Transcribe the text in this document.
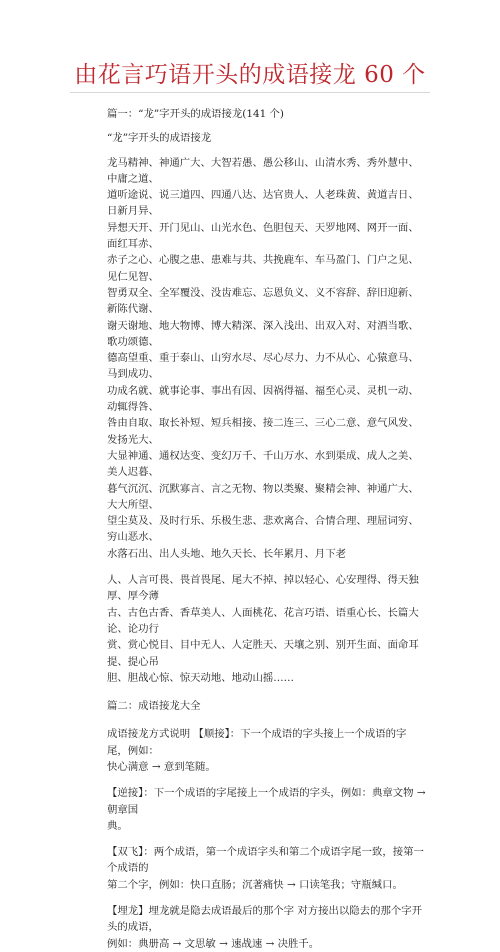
由花言巧语开头的成语接龙 60 个

篇一：“龙”字开头的成语接龙(141 个)

“龙”字开头的成语接龙

龙马精神、神通广大、大智若愚、愚公移山、山清水秀、秀外慧中、中庸之道、

道听途说、说三道四、四通八达、达官贵人、人老珠黄、黄道吉日、日新月异、

异想天开、开门见山、山光水色、色胆包天、天罗地网、网开一面、面红耳赤、

赤子之心、心腹之患、患难与共、共挽鹿车、车马盈门、门户之见、见仁见智、

智勇双全、全军覆没、没齿难忘、忘恩负义、义不容辞、辞旧迎新、新陈代谢、

谢天谢地、地大物博、博大精深、深入浅出、出双入对、对酒当歌、歌功颂德、

德高望重、重于泰山、山穷水尽、尽心尽力、力不从心、心猿意马、马到成功、

功成名就、就事论事、事出有因、因祸得福、福至心灵、灵机一动、动辄得咎、

咎由自取、取长补短、短兵相接、接二连三、三心二意、意气风发、发扬光大、

大显神通、通权达变、变幻万千、千山万水、水到渠成、成人之美、美人迟暮、

暮气沉沉、沉默寡言、言之无物、物以类聚、聚精会神、神通广大、大大所望、

望尘莫及、及时行乐、乐极生悲、悲欢离合、合情合理、理屈词穷、穷山恶水、

水落石出、出人头地、地久天长、长年累月、月下老

人、人言可畏、畏首畏尾、尾大不掉、掉以轻心、心安理得、得天独厚、厚今薄

古、古色古香、香草美人、人面桃花、花言巧语、语重心长、长篇大论、论功行

赏、赏心悦目、目中无人、人定胜天、天壤之别、别开生面、面命耳提、提心吊

胆、胆战心惊、惊天动地、地动山摇……

篇二：成语接龙大全

成语接龙方式说明 【顺接】：下一个成语的字头接上一个成语的字尾，例如：

快心满意 → 意到笔随。

【逆接】：下一个成语的字尾接上一个成语的字头，例如：典章文物 → 朝章国

典。

【双飞】：两个成语，第一个成语字头和第二个成语字尾一致，接第一个成语的

第二个字，例如：快口直肠；沉著痛快 → 口读笔我；守瓶缄口。

【埋龙】埋龙就是隐去成语最后的那个字 对方接出以隐去的那个字开头的成语，

例如：典册高 → 文思敏 → 速战速 → 决胜千。
